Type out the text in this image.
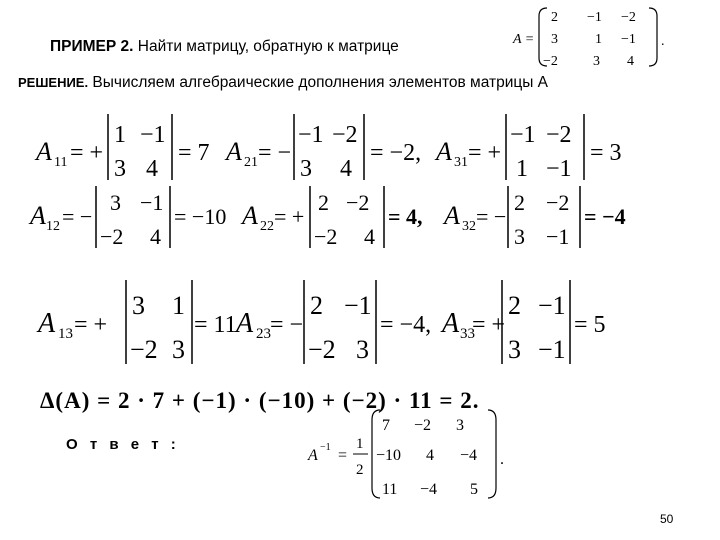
ПРИМЕР 2. Найти матрицу, обратную к матрице	A =
2 −1 −2
3	1 −1
−2	3 4
.
РЕШЕНИЕ. Вычисляем алгебраические дополнения элементов матрицы А
A 11 = +
1 −1
3 4
= 7 A 21 = −
−1 −2
3 4
= −2, A 31 = +
−1 −2
1 −1
= 3
A 12 = −
3 −1
−2 4
= −10 A 22 = +
2 −2
−2 4
= 4, A 32 = −
2 −2
3 −1
= −4
A 13 = +
3 1
−2 3
= 11 A 23 = −
2 −1
−2 3
= −4, A 33
= +
2 −1
3 −1
= 5
Δ(A) = 2 · 7 + (−1) · (−10) + (−2) · 11 = 2.
О т в е т :
A −1 =
1
2
7 −2 3
−10 4 −4
11 −4 5
.
50
